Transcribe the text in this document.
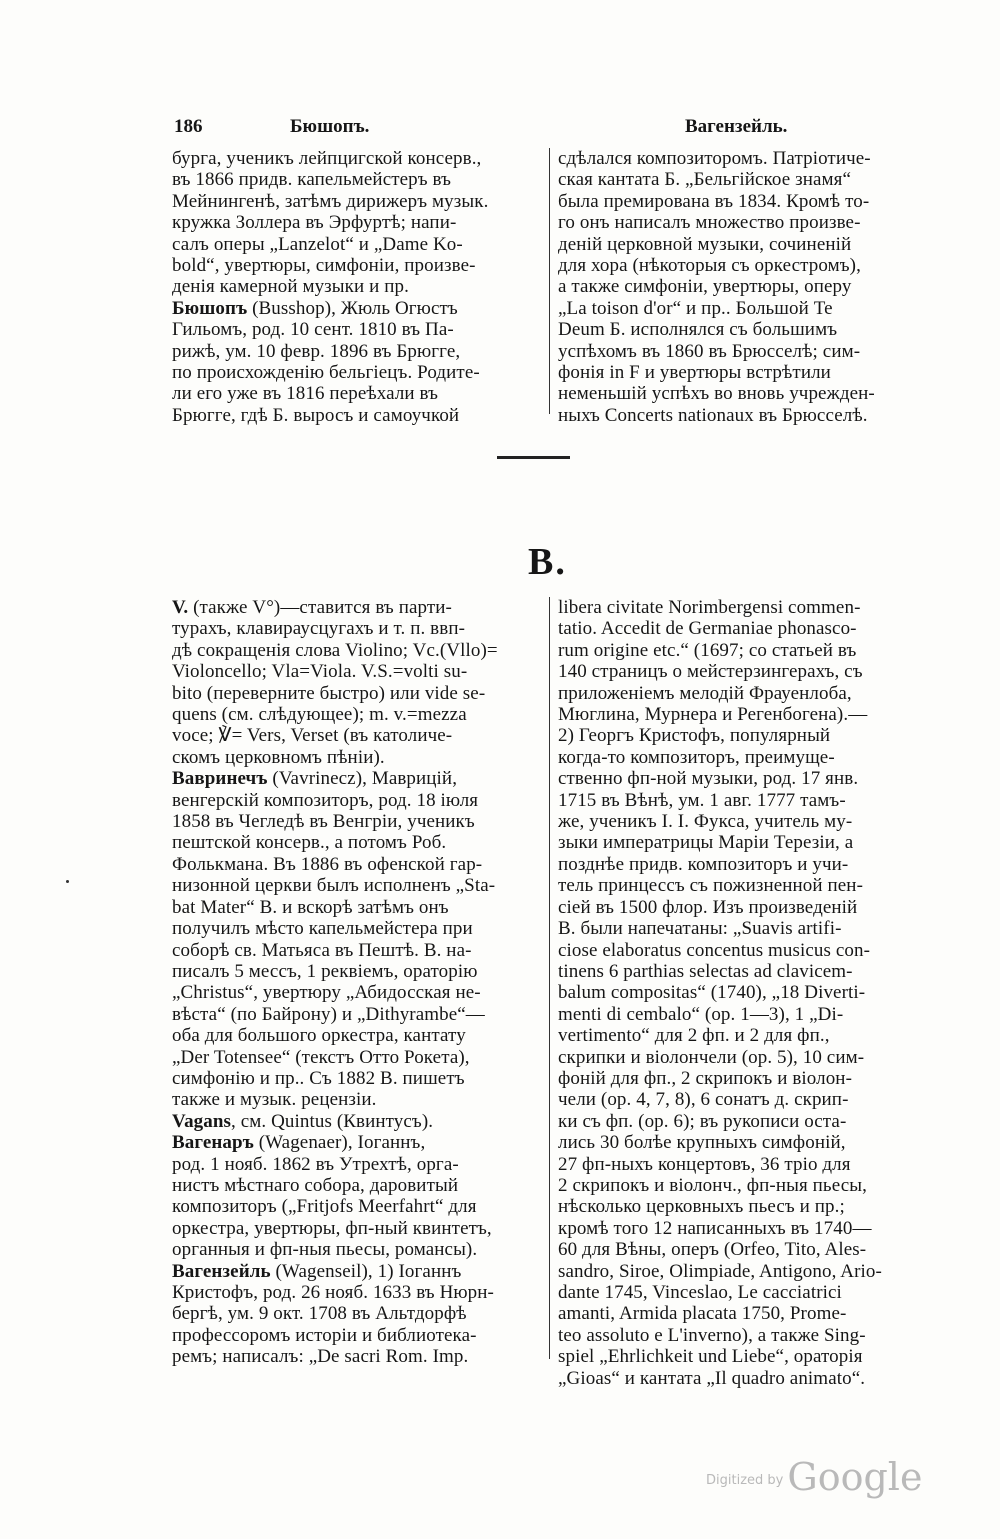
186	Бюшопъ.	Вагензейль.

бурга, ученикъ лейпцигской консерв.,

въ 1866 придв. капельмейстеръ въ

Мейнингенѣ, затѣмъ дирижеръ музык.

кружка Золлера въ Эрфуртѣ; напи-

салъ оперы „Lanzelot“ и „Dame Ko-

bold“, увертюры, симфоніи, произве-

денія камерной музыки и пр.

Бюшопъ (Busshop), Жюль Огюстъ

Гильомъ, род. 10 сент. 1810 въ Па-

рижѣ, ум. 10 февр. 1896 въ Брюгге,

по происхожденію бельгіецъ. Родите-

ли его уже въ 1816 переѣхали въ

Брюгге, гдѣ Б. выросъ и самоучкой

сдѣлался композиторомъ. Патріотиче-

ская кантата Б. „Бельгійское знамя“

была премирована въ 1834. Кромѣ то-

го онъ написалъ множество произве-

деній церковной музыки, сочиненій

для хора (нѣкоторыя съ оркестромъ),

а также симфоніи, увертюры, оперу

„La toison d'or“ и пр.. Большой Te

Deum Б. исполнялся съ большимъ

успѣхомъ въ 1860 въ Брюсселѣ; сим-

фонія in F и увертюры встрѣтили

неменьшій успѣхъ во вновь учрежден-

ныхъ Concerts nationaux въ Брюсселѣ.

B.

V. (также V°)—ставится въ парти-

турахъ, клавираусцугахъ и т. п. ввп-

дѣ сокращенія слова Violino; Vc.(Vllo)=

Violoncello; Vla=Viola. V.S.=volti su-

bito (переверните быстро) или vide se-

quens (см. слѣдующее); m. v.=mezza

voce; ℣= Vers, Verset (въ католиче-

скомъ церковномъ пѣніи).

Вавринечъ (Vavrinecz), Маврицій,

венгерскій композиторъ, род. 18 іюля

1858 въ Чегледѣ въ Венгріи, ученикъ

пештской консерв., а потомъ Роб.

Фолькмана. Въ 1886 въ офенской гар-

низонной церкви былъ исполненъ „Sta-

bat Mater“ В. и вскорѣ затѣмъ онъ

получилъ мѣсто капельмейстера при

соборѣ св. Матьяса въ Пештѣ. В. на-

писалъ 5 мессъ, 1 реквіемъ, ораторію

„Christus“, увертюру „Абидосская не-

вѣста“ (по Байрону) и „Dithyrambe“—

оба для большого оркестра, кантату

„Der Totensee“ (текстъ Отто Рокета),

симфонію и пр.. Съ 1882 В. пишетъ

также и музык. рецензіи.

Vagans, см. Quintus (Квинтусъ).

Вагенаръ (Wagenaer), Іоганнъ,

род. 1 нояб. 1862 въ Утрехтѣ, орга-

нистъ мѣстнаго собора, даровитый

композиторъ („Fritjofs Meerfahrt“ для

оркестра, увертюры, фп-ный квинтетъ,

органныя и фп-ныя пьесы, романсы).

Вагензейль (Wagenseil), 1) Іоганнъ

Кристофъ, род. 26 нояб. 1633 въ Нюрн-

бергѣ, ум. 9 окт. 1708 въ Альтдорфѣ

профессоромъ исторіи и библиотека-

ремъ; написалъ: „De sacri Rom. Imp.

libera civitate Norimbergensi commen-

tatio. Accedit de Germaniae phonasco-

rum origine etc.“ (1697; со статьей въ

140 страницъ о мейстерзингерахъ, съ

приложеніемъ мелодій Фрауенлоба,

Мюглина, Мурнера и Регенбогена).—

2) Георгъ Кристофъ, популярный

когда-то композиторъ, преимуще-

ственно фп-ной музыки, род. 17 янв.

1715 въ Вѣнѣ, ум. 1 авг. 1777 тамъ-

же, ученикъ І. І. Фукса, учитель му-

зыки императрицы Маріи Терезіи, а

позднѣе придв. композиторъ и учи-

тель принцессъ съ пожизненной пен-

сіей въ 1500 флор. Изъ произведеній

В. были напечатаны: „Suavis artifi-

ciose elaboratus concentus musicus con-

tinens 6 parthias selectas ad clavicem-

balum compositas“ (1740), „18 Diverti-

menti di cembalo“ (op. 1—3), 1 „Di-

vertimento“ для 2 фп. и 2 для фп.,

скрипки и віолончели (op. 5), 10 сим-

фоній для фп., 2 скрипокъ и віолон-

чели (op. 4, 7, 8), 6 сонатъ д. скрип-

ки съ фп. (op. 6); въ рукописи оста-

лись 30 болѣе крупныхъ симфоній,

27 фп-ныхъ концертовъ, 36 тріо для

2 скрипокъ и віолонч., фп-ныя пьесы,

нѣсколько церковныхъ пьесъ и пр.;

кромѣ того 12 написанныхъ въ 1740—

60 для Вѣны, оперъ (Orfeo, Tito, Ales-

sandro, Siroe, Olimpiade, Antigono, Ario-

dante 1745, Vinceslao, Le cacciatrici

amanti, Armida placata 1750, Prome-

teo assoluto e L'inverno), а также Sing-

spiel „Ehrlichkeit und Liebe“, ораторія

„Gioas“ и кантата „Il quadro animato“.

$^{Digitized by}$ Google
